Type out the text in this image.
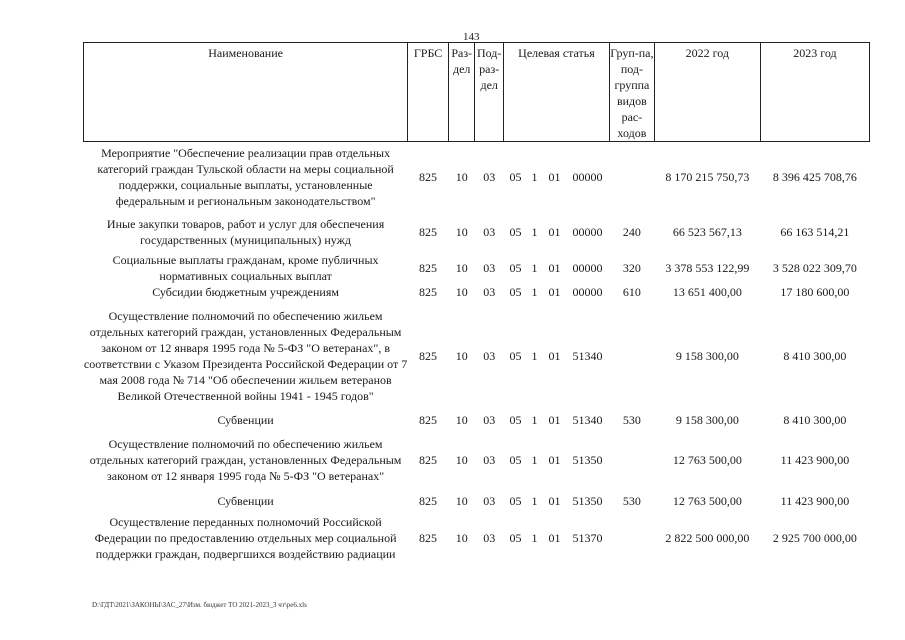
143
Наименование	ГРБС	Раз-дел	Под-раз-дел	Целевая статья	Груп-па, под-группа видов рас-ходов	2022 год	2023 год

Мероприятие "Обеспечение реализации прав отдельных категорий граждан Тульской области на меры социальной поддержки, социальные выплаты, установленные федеральным и региональным законодательством"	825	10	03	05 1 01 00000		8 170 215 750,73	8 396 425 708,76
Иные закупки товаров, работ и услуг для обеспечения государственных (муниципальных) нужд	825	10	03	05 1 01 00000	240	66 523 567,13	66 163 514,21
Социальные выплаты гражданам, кроме публичных нормативных социальных выплат	825	10	03	05 1 01 00000	320	3 378 553 122,99	3 528 022 309,70
Субсидии бюджетным учреждениям	825	10	03	05 1 01 00000	610	13 651 400,00	17 180 600,00
Осуществление полномочий по обеспечению жильем отдельных категорий граждан, установленных Федеральным законом от 12 января 1995 года № 5-ФЗ "О ветеранах", в соответствии с Указом Президента Российской Федерации от 7 мая 2008 года № 714 "Об обеспечении жильем ветеранов Великой Отечественной войны 1941 - 1945 годов"	825	10	03	05 1 01 51340		9 158 300,00	8 410 300,00
Субвенции	825	10	03	05 1 01 51340	530	9 158 300,00	8 410 300,00
Осуществление полномочий по обеспечению жильем отдельных категорий граждан, установленных Федеральным законом от 12 января 1995 года № 5-ФЗ "О ветеранах"	825	10	03	05 1 01 51350		12 763 500,00	11 423 900,00
Субвенции	825	10	03	05 1 01 51350	530	12 763 500,00	11 423 900,00
Осуществление переданных полномочий Российской Федерации по предоставлению отдельных мер социальной поддержки граждан, подвергшихся воздействию радиации	825	10	03	05 1 01 51370		2 822 500 000,00	2 925 700 000,00
D:\ГДТ\2021\ЗАКОНЫ\ЗАС_27\Изм. бюджет ТО 2021-2023_3 чт\ре6.xls
